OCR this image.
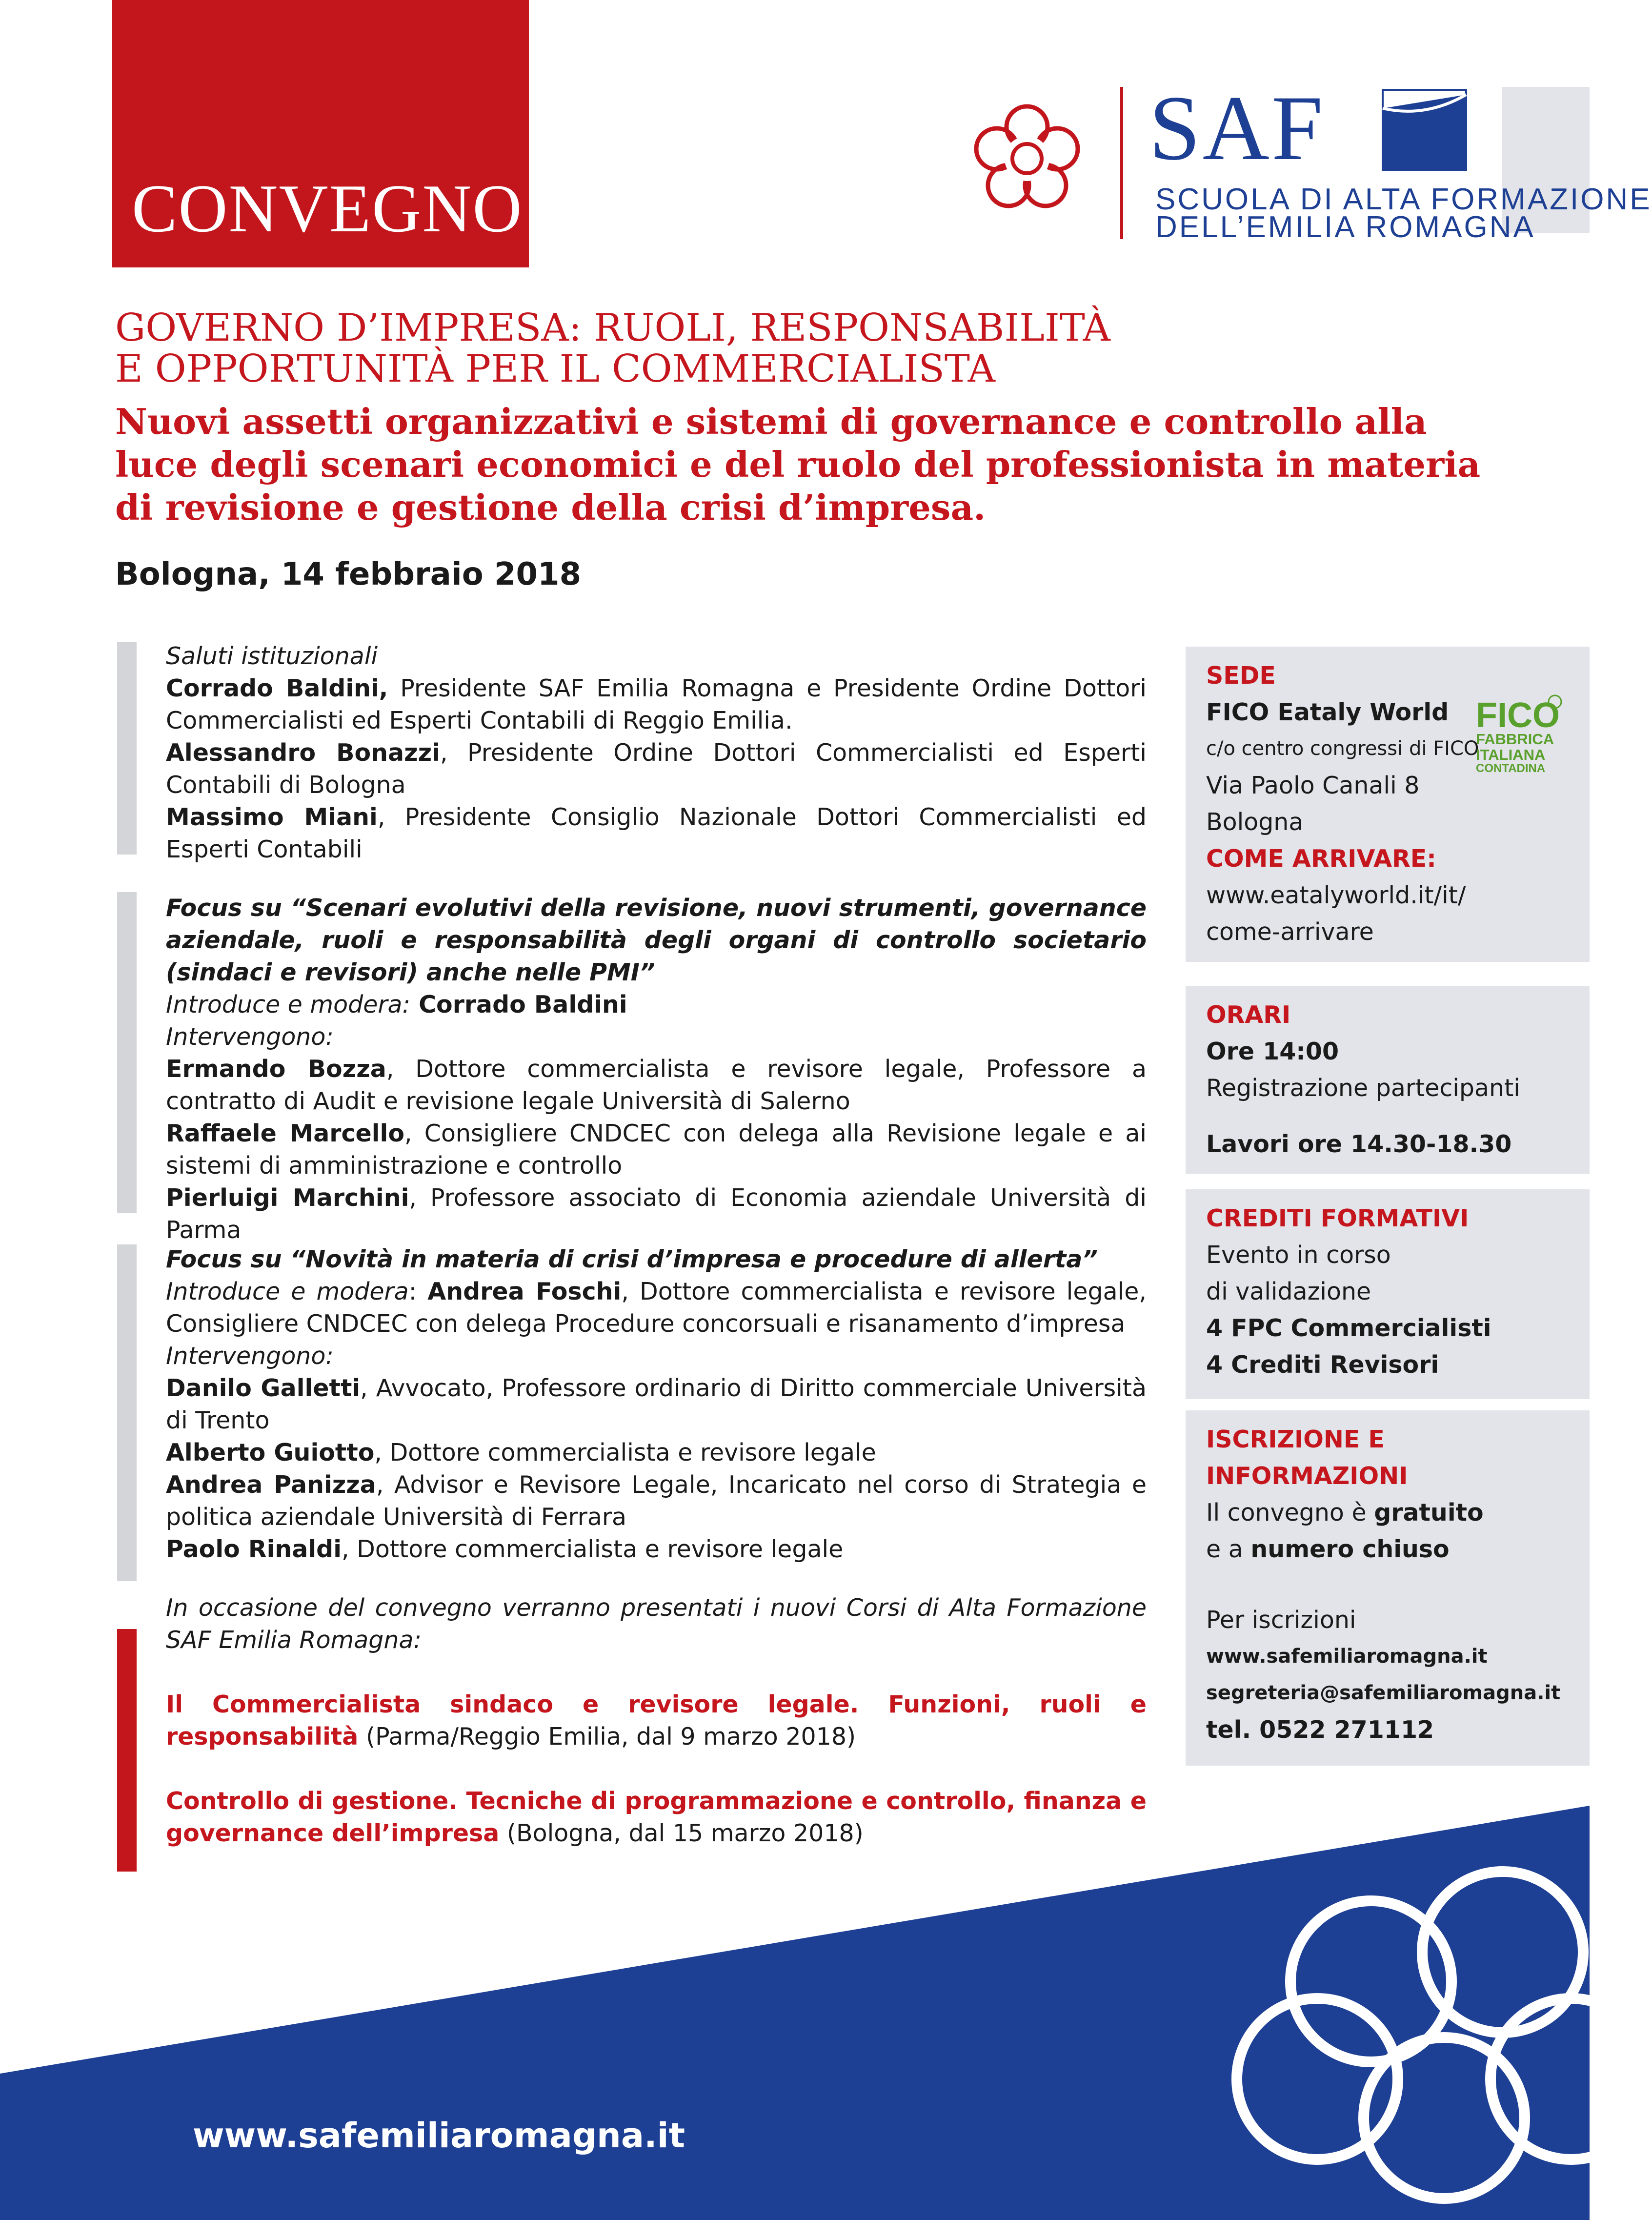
CONVEGNO
SAF
SCUOLA DI ALTA FORMAZIONE
DELL’EMILIA ROMAGNA
GOVERNO D’IMPRESA: RUOLI, RESPONSABILITÀ
E OPPORTUNITÀ PER IL COMMERCIALISTA
Nuovi assetti organizzativi e sistemi di governance e controllo alla luce degli scenari economici e del ruolo del professionista in materia di revisione e gestione della crisi d’impresa.
Bologna, 14 febbraio 2018

Saluti istituzionali

Corrado Baldini, Presidente SAF Emilia Romagna e Presidente Ordine Dottori Commercialisti ed Esperti Contabili di Reggio Emilia.

Alessandro Bonazzi, Presidente Ordine Dottori Commercialisti ed Esperti Contabili di Bologna

Massimo Miani, Presidente Consiglio Nazionale Dottori Commercialisti ed Esperti Contabili

Focus su “Scenari evolutivi della revisione, nuovi strumenti, governance aziendale, ruoli e responsabilità degli organi di controllo societario (sindaci e revisori) anche nelle PMI”

Introduce e modera: Corrado Baldini

Intervengono:

Ermando Bozza, Dottore commercialista e revisore legale, Professore a contratto di Audit e revisione legale Università di Salerno

Raffaele Marcello, Consigliere CNDCEC con delega alla Revisione legale e ai sistemi di amministrazione e controllo

Pierluigi Marchini, Professore associato di Economia aziendale Università di Parma

Focus su “Novità in materia di crisi d’impresa e procedure di allerta”

Introduce e modera: Andrea Foschi, Dottore commercialista e revisore legale, Consigliere CNDCEC con delega Procedure concorsuali e risanamento d’impresa

Intervengono:

Danilo Galletti, Avvocato, Professore ordinario di Diritto commerciale Università di Trento

Alberto Guiotto, Dottore commercialista e revisore legale

Andrea Panizza, Advisor e Revisore Legale, Incaricato nel corso di Strategia e politica aziendale Università di Ferrara

Paolo Rinaldi, Dottore commercialista e revisore legale

In occasione del convegno verranno presentati i nuovi Corsi di Alta Formazione SAF Emilia Romagna:

Il Commercialista sindaco e revisore legale. Funzioni, ruoli e responsabilità (Parma/Reggio Emilia, dal 9 marzo 2018)

Controllo di gestione. Tecniche di programmazione e controllo, finanza e governance dell’impresa (Bologna, dal 15 marzo 2018)

SEDE

FICO Eataly World

c/o centro congressi di FICO

Via Paolo Canali 8

Bologna

COME ARRIVARE:

www.eatalyworld.it/it/
come-arrivare

FICO
FABBRICA
ITALIANA
CONTADINA

ORARI

Ore 14:00

Registrazione partecipanti

Lavori ore 14.30-18.30

CREDITI FORMATIVI

Evento in corso

di validazione

4 FPC Commercialisti

4 Crediti Revisori

ISCRIZIONE E

INFORMAZIONI

Il convegno è gratuito

e a numero chiuso

Per iscrizioni

www.safemiliaromagna.it

segreteria@safemiliaromagna.it

tel. 0522 271112

www.safemiliaromagna.it
